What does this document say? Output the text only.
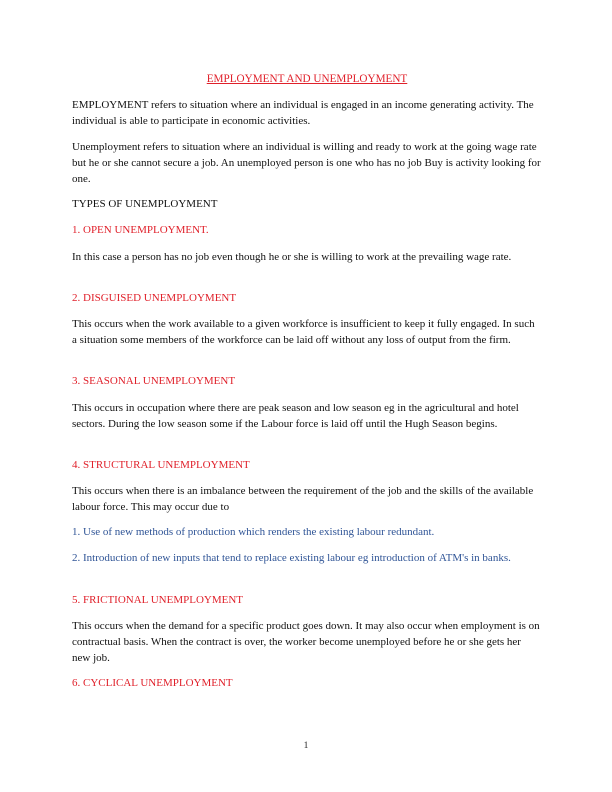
EMPLOYMENT AND UNEMPLOYMENT

EMPLOYMENT refers to situation where an individual is engaged in an income generating activity. The individual is able to participate in economic activities.

Unemployment refers to situation where an individual is willing and ready to work at the going wage rate but he or she cannot secure a job. An unemployed person is one who has no job Buy is activity looking for one.

TYPES OF UNEMPLOYMENT

1. OPEN UNEMPLOYMENT.

In this case a person has no job even though he or she is willing to work at the prevailing wage rate.

2. DISGUISED UNEMPLOYMENT

This occurs when the work available to a given workforce is insufficient to keep it fully engaged. In such a situation some members of the workforce can be laid off without any loss of output from the firm.

3. SEASONAL UNEMPLOYMENT

This occurs in occupation where there are peak season and low season eg in the agricultural and hotel sectors. During the low season some if the Labour force is laid off until the Hugh Season begins.

4. STRUCTURAL UNEMPLOYMENT

This occurs when there is an imbalance between the requirement of the job and the skills of the available labour force. This may occur due to

1. Use of new methods of production which renders the existing labour redundant.

2. Introduction of new inputs that tend to replace existing labour eg introduction of ATM's in banks.

5. FRICTIONAL UNEMPLOYMENT

This occurs when the demand for a specific product goes down. It may also occur when employment is on contractual basis. When the contract is over, the worker become unemployed before he or she gets her new job.

6. CYCLICAL UNEMPLOYMENT

1
